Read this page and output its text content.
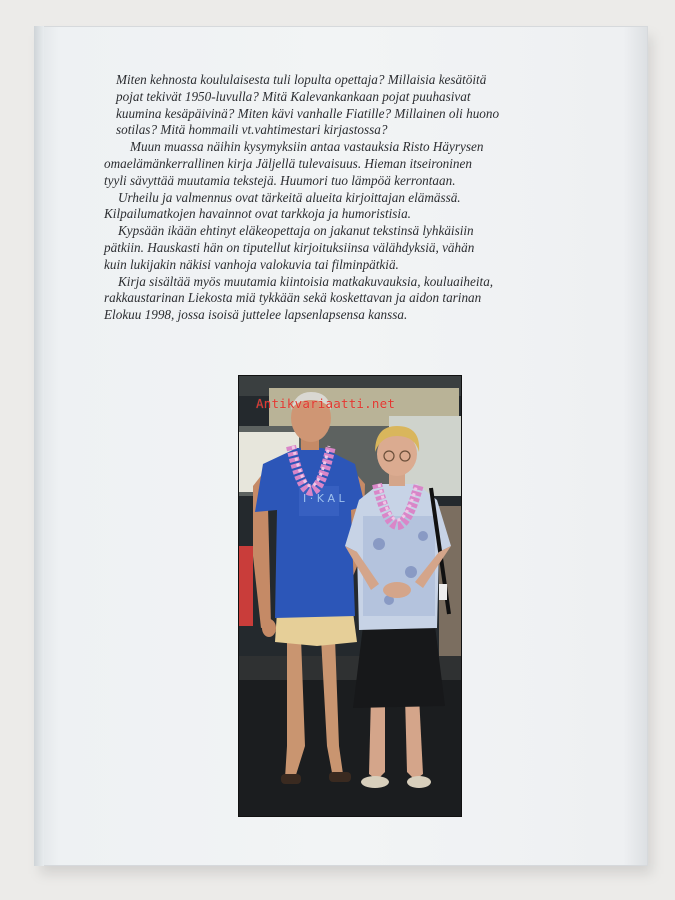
Miten kehnosta koululaisesta tuli lopulta opettaja? Millaisia kesätöitä
pojat tekivät 1950-luvulla? Mitä Kalevankankaan pojat puuhasivat
kuumina kesäpäivinä? Miten kävi vanhalle Fiatille? Millainen oli huono
sotilas? Mitä hommaili vt.vahtimestari kirjastossa?

Muun muassa näihin kysymyksiin antaa vastauksia Risto Häyrysen

omaelämänkerrallinen kirja Jäljellä tulevaisuus. Hieman itseironinen
tyyli sävyttää muutamia tekstejä. Huumori tuo lämpöä kerrontaan.

Urheilu ja valmennus ovat tärkeitä alueita kirjoittajan elämässä.

Kilpailumatkojen havainnot ovat tarkkoja ja humoristisia.

Kypsään ikään ehtinyt eläkeopettaja on jakanut tekstinsä lyhkäisiin

pätkiin. Hauskasti hän on tiputellut kirjoituksiinsa välähdyksiä, vähän
kuin lukijakin näkisi vanhoja valokuvia tai filminpätkiä.

Kirja sisältää myös muutamia kiintoisia matkakuvauksia, kouluaiheita,

rakkaustarinan Liekosta miä tykkään sekä koskettavan ja aidon tarinan
Elokuu 1998, jossa isoisä juttelee lapsenlapsensa kanssa.

I · K A L
Antikvariaatti.net
